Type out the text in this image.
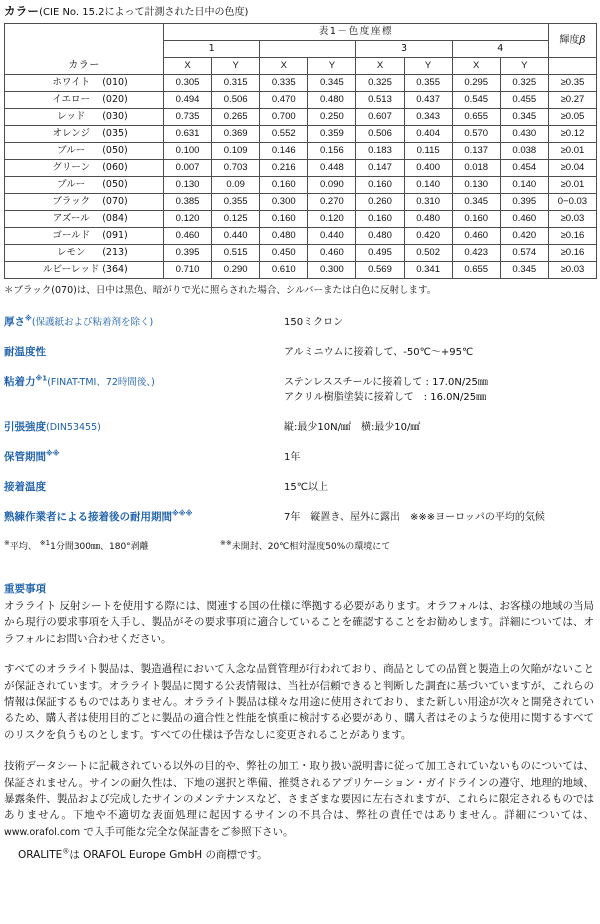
カラー(CIE No. 15.2によって計測された日中の色度)
	表1－色度座標								輝度β
	1				3		4		
カラー	X	Y	X	Y	X	Y	X	Y	
ホワイト (010)	0.305	0.315	0.335	0.345	0.325	0.355	0.295	0.325	≥0.35
イエロー (020)	0.494	0.506	0.470	0.480	0.513	0.437	0.545	0.455	≥0.27
レッド (030)	0.735	0.265	0.700	0.250	0.607	0.343	0.655	0.345	≥0.05
オレンジ (035)	0.631	0.369	0.552	0.359	0.506	0.404	0.570	0.430	≥0.12
ブルー (050)	0.100	0.109	0.146	0.156	0.183	0.115	0.137	0.038	≥0.01
グリーン (060)	0.007	0.703	0.216	0.448	0.147	0.400	0.018	0.454	≥0.04
ブルー (050)	0.130	0.09	0.160	0.090	0.160	0.140	0.130	0.140	≥0.01
ブラック (070)	0.385	0.355	0.300	0.270	0.260	0.310	0.345	0.395	0−0.03
アズール (084)	0.120	0.125	0.160	0.120	0.160	0.480	0.160	0.460	≥0.03
ゴールド (091)	0.460	0.440	0.480	0.440	0.480	0.420	0.460	0.420	≥0.16
レモン (213)	0.395	0.515	0.450	0.460	0.495	0.502	0.423	0.574	≥0.16
ルビーレッド (364)	0.710	0.290	0.610	0.300	0.569	0.341	0.655	0.345	≥0.03
＊ブラック(070)は、日中は黒色、暗がりで光に照らされた場合、シルバーまたは白色に反射します。
厚さ※(保護紙および粘着剤を除く)	150ミクロン
耐温度性	アルミニウムに接着して、-50℃～+95℃
粘着力$^{※1}$(FINAT-TMI、72時間後、)	ステンレススチールに接着して : 17.0N/25㎜
アクリル樹脂塗装に接着して　: 16.0N/25㎜
引張強度(DIN53455)	縦:最少10N/㎟　横:最少10/㎟
保管期間※※	1年
接着温度	15℃以上
熟練作業者による接着後の耐用期間※※※	7年　縦置き、屋外に露出　※※※ヨーロッパの平均的気候
※平均、 $^{※1}$1分間300㎜、180°剥離	※※未開封、20℃相対湿度50%の環境にて
重要事項

オラライト 反射シートを使用する際には、関連する国の仕様に準拠する必要があります。オラフォルは、お客様の地域の当局から現行の要求事項を入手し、製品がその要求事項に適合していることを確認することをお勧めします。詳細については、オラフォルにお問い合わせください。

すべてのオラライト製品は、製造過程において入念な品質管理が行われており、商品としての品質と製造上の欠陥がないことが保証されています。オラライト製品に関する公表情報は、当社が信頼できると判断した調査に基づいていますが、これらの情報は保証するものではありません。オラライト製品は様々な用途に使用されており、また新しい用途が次々と開発されているため、購入者は使用目的ごとに製品の適合性と性能を慎重に検討する必要があり、購入者はそのような使用に関するすべてのリスクを負うものとします。すべての仕様は予告なしに変更されることがあります。

技術データシートに記載されている以外の目的や、弊社の加工・取り扱い説明書に従って加工されていないものについては、保証されません。サインの耐久性は、下地の選択と準備、推奨されるアプリケーション・ガイドラインの遵守、地理的地域、暴露条件、製品および完成したサインのメンテナンスなど、さまざまな要因に左右されますが、これらに限定されるものではありません。下地や不適切な表面処理に起因するサインの不具合は、弊社の責任ではありません。詳細については、www.orafol.com で入手可能な完全な保証書をご参照下さい。

ORALITE®は ORAFOL Europe GmbH の商標です。
